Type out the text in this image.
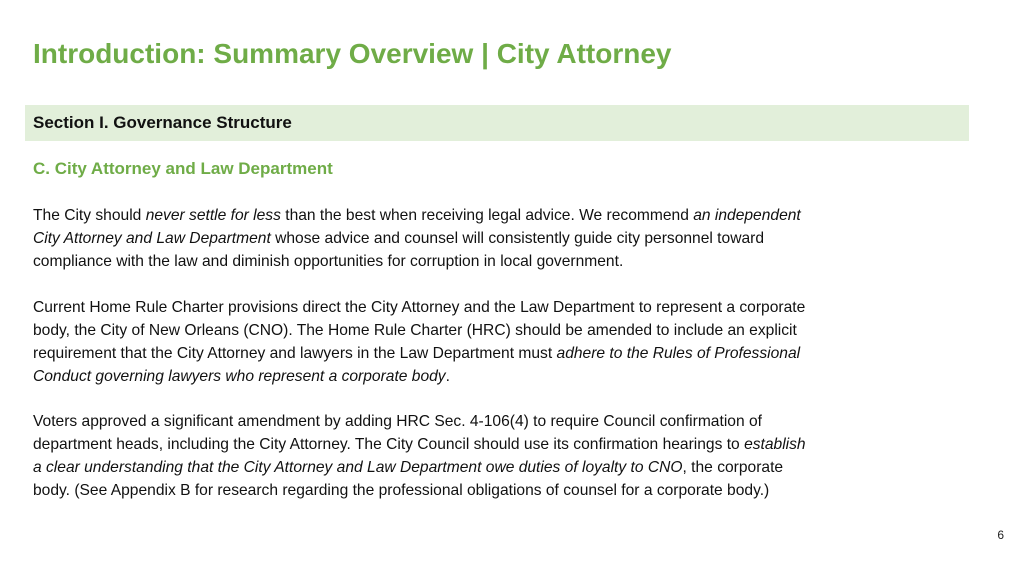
Introduction: Summary Overview | City Attorney
Section I. Governance Structure
C. City Attorney and Law Department
The City should never settle for less than the best when receiving legal advice. We recommend an independent
City Attorney and Law Department whose advice and counsel will consistently guide city personnel toward
compliance with the law and diminish opportunities for corruption in local government.
Current Home Rule Charter provisions direct the City Attorney and the Law Department to represent a corporate
body, the City of New Orleans (CNO). The Home Rule Charter (HRC) should be amended to include an explicit
requirement that the City Attorney and lawyers in the Law Department must adhere to the Rules of Professional
Conduct governing lawyers who represent a corporate body.
Voters approved a significant amendment by adding HRC Sec. 4-106(4) to require Council confirmation of
department heads, including the City Attorney. The City Council should use its confirmation hearings to establish
a clear understanding that the City Attorney and Law Department owe duties of loyalty to CNO, the corporate
body. (See Appendix B for research regarding the professional obligations of counsel for a corporate body.)
6
